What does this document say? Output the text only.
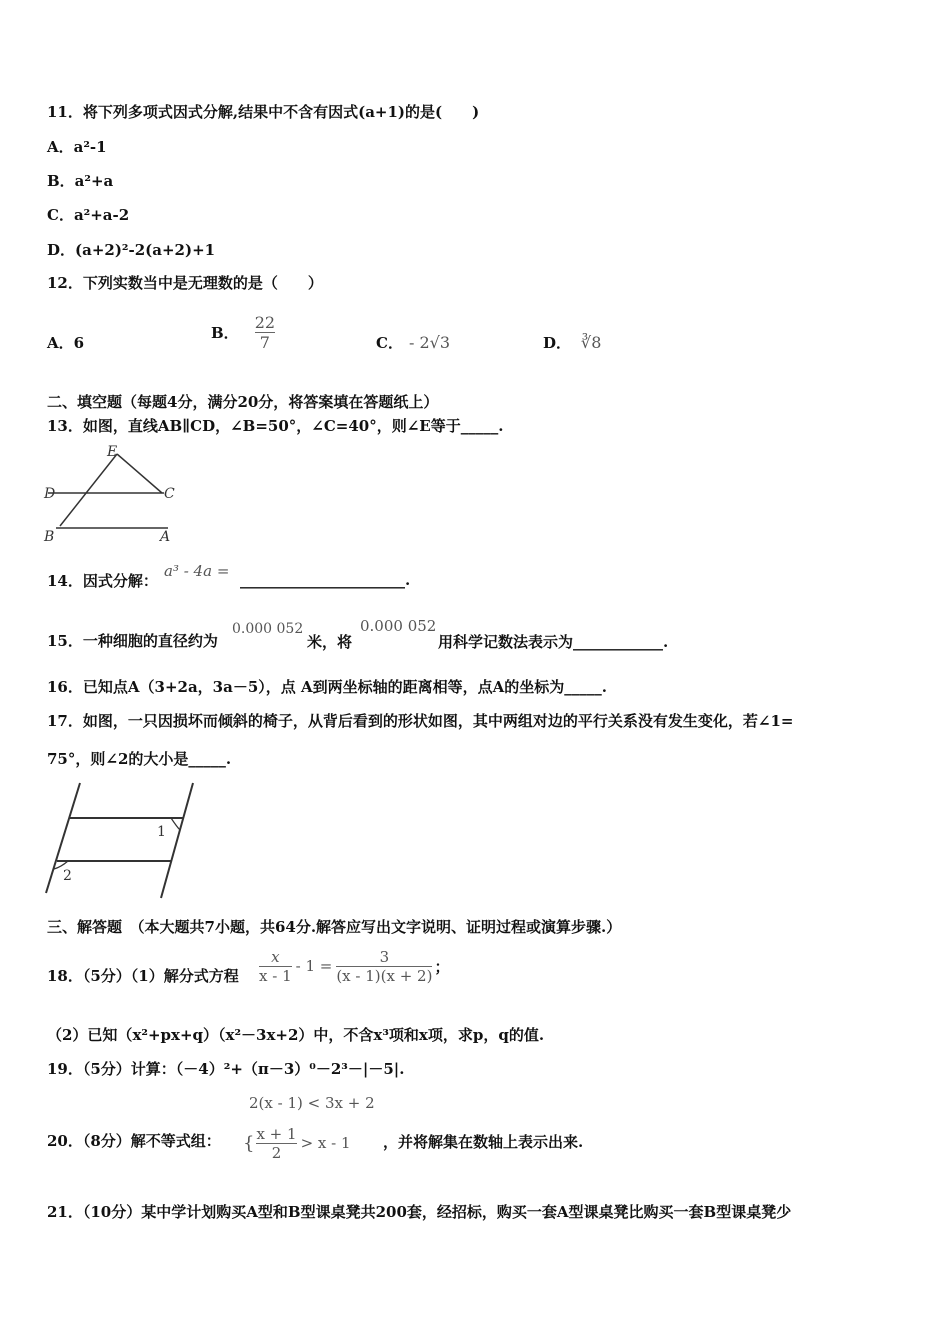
11．将下列多项式因式分解,结果中不含有因式(a+1)的是(　　)
A．a²-1
B．a²+a
C．a²+a-2
D．(a+2)²-2(a+2)+1
12．下列实数当中是无理数的是（　　）
A．6
B． $\frac{22}{7}$	C． - 2√3	D． ∛8
二、填空题（每题4分，满分20分，将答案填在答题纸上）
13．如图，直线AB∥CD，∠B=50°，∠C=40°，则∠E等于_____.
E
D	C
B	A
14．因式分解：
a³ - 4a = ______________________.
15．一种细胞的直径约为
0.000 052
米，将
0.000 052
用科学记数法表示为____________.
16．已知点A（3+2a，3a－5），点 A到两坐标轴的距离相等，点A的坐标为_____.
17．如图，一只因损坏而倾斜的椅子，从背后看到的形状如图，其中两组对边的平行关系没有发生变化，若∠1=
75°，则∠2的大小是_____.
1
2
三、解答题　（本大题共7小题，共64分.解答应写出文字说明、证明过程或演算步骤.）
18．（5分）（1）解分式方程 $\frac{x}{x - 1} - 1 = \frac{3}{(x - 1)(x + 2)}$ ；
（2）已知（x²+px+q）（x²－3x+2）中，不含x³项和x项，求p，q的值.
19．（5分）计算：（－4）²+（π－3）⁰－2³－|－5|.
20．（8分）解不等式组：
2(x - 1) < 3x + 2
{ $\frac{x + 1}{2} > x - 1$ ，并将解集在数轴上表示出来.
21．（10分）某中学计划购买A型和B型课桌凳共200套，经招标，购买一套A型课桌凳比购买一套B型课桌凳少
